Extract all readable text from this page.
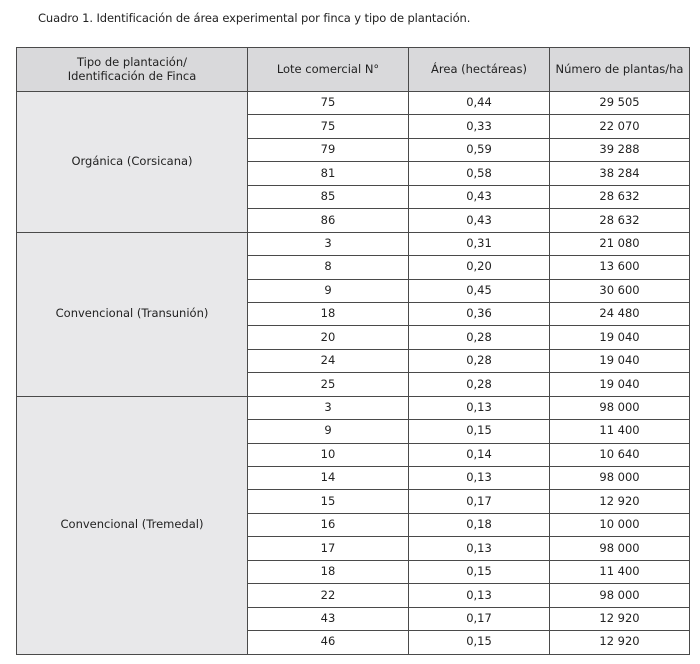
Cuadro 1. Identificación de área experimental por finca y tipo de plantación.
Tipo de plantación/
Identificación de Finca	Lote comercial N°	Área (hectáreas)	Número de plantas/ha
Orgánica (Corsicana)	75	0,44	29 505
	75	0,33	22 070
	79	0,59	39 288
	81	0,58	38 284
	85	0,43	28 632
	86	0,43	28 632
Convencional (Transunión)	3	0,31	21 080
	8	0,20	13 600
	9	0,45	30 600
	18	0,36	24 480
	20	0,28	19 040
	24	0,28	19 040
	25	0,28	19 040
Convencional (Tremedal)	3	0,13	98 000
	9	0,15	11 400
	10	0,14	10 640
	14	0,13	98 000
	15	0,17	12 920
	16	0,18	10 000
	17	0,13	98 000
	18	0,15	11 400
	22	0,13	98 000
	43	0,17	12 920
	46	0,15	12 920
